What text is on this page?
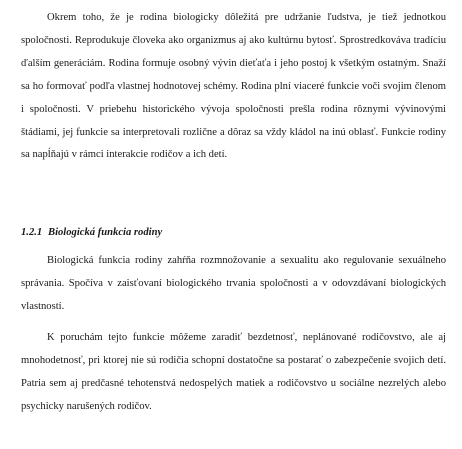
Okrem toho, že je rodina biologicky dôležitá pre udržanie ľudstva, je tiež jednotkou spoločnosti. Reprodukuje človeka ako organizmus aj ako kultúrnu bytosť. Sprostredkováva tradíciu ďalším generáciám. Rodina formuje osobný vývin dieťaťa i jeho postoj k všetkým ostatným. Snaží sa ho formovať podľa vlastnej hodnotovej schémy. Rodina plní viaceré funkcie voči svojim členom i spoločnosti. V priebehu historického vývoja spoločnosti prešla rodina rôznymi vývinovými štádiami, jej funkcie sa interpretovali rozlične a dôraz sa vždy kládol na inú oblasť. Funkcie rodiny sa napĺňajú v rámci interakcie rodičov a ich detí.

1.2.1 Biologická funkcia rodiny

Biologická funkcia rodiny zahŕňa rozmnožovanie a sexualitu ako regulovanie sexuálneho správania. Spočíva v zaisťovaní biologického trvania spoločnosti a v odovzdávaní biologických vlastností.

K poruchám tejto funkcie môžeme zaradiť bezdetnosť, neplánované rodičovstvo, ale aj mnohodetnosť, pri ktorej nie sú rodičia schopní dostatočne sa postarať o zabezpečenie svojich detí. Patria sem aj predčasné tehotenstvá nedospelých matiek a rodičovstvo u sociálne nezrelých alebo psychicky narušených rodičov.
